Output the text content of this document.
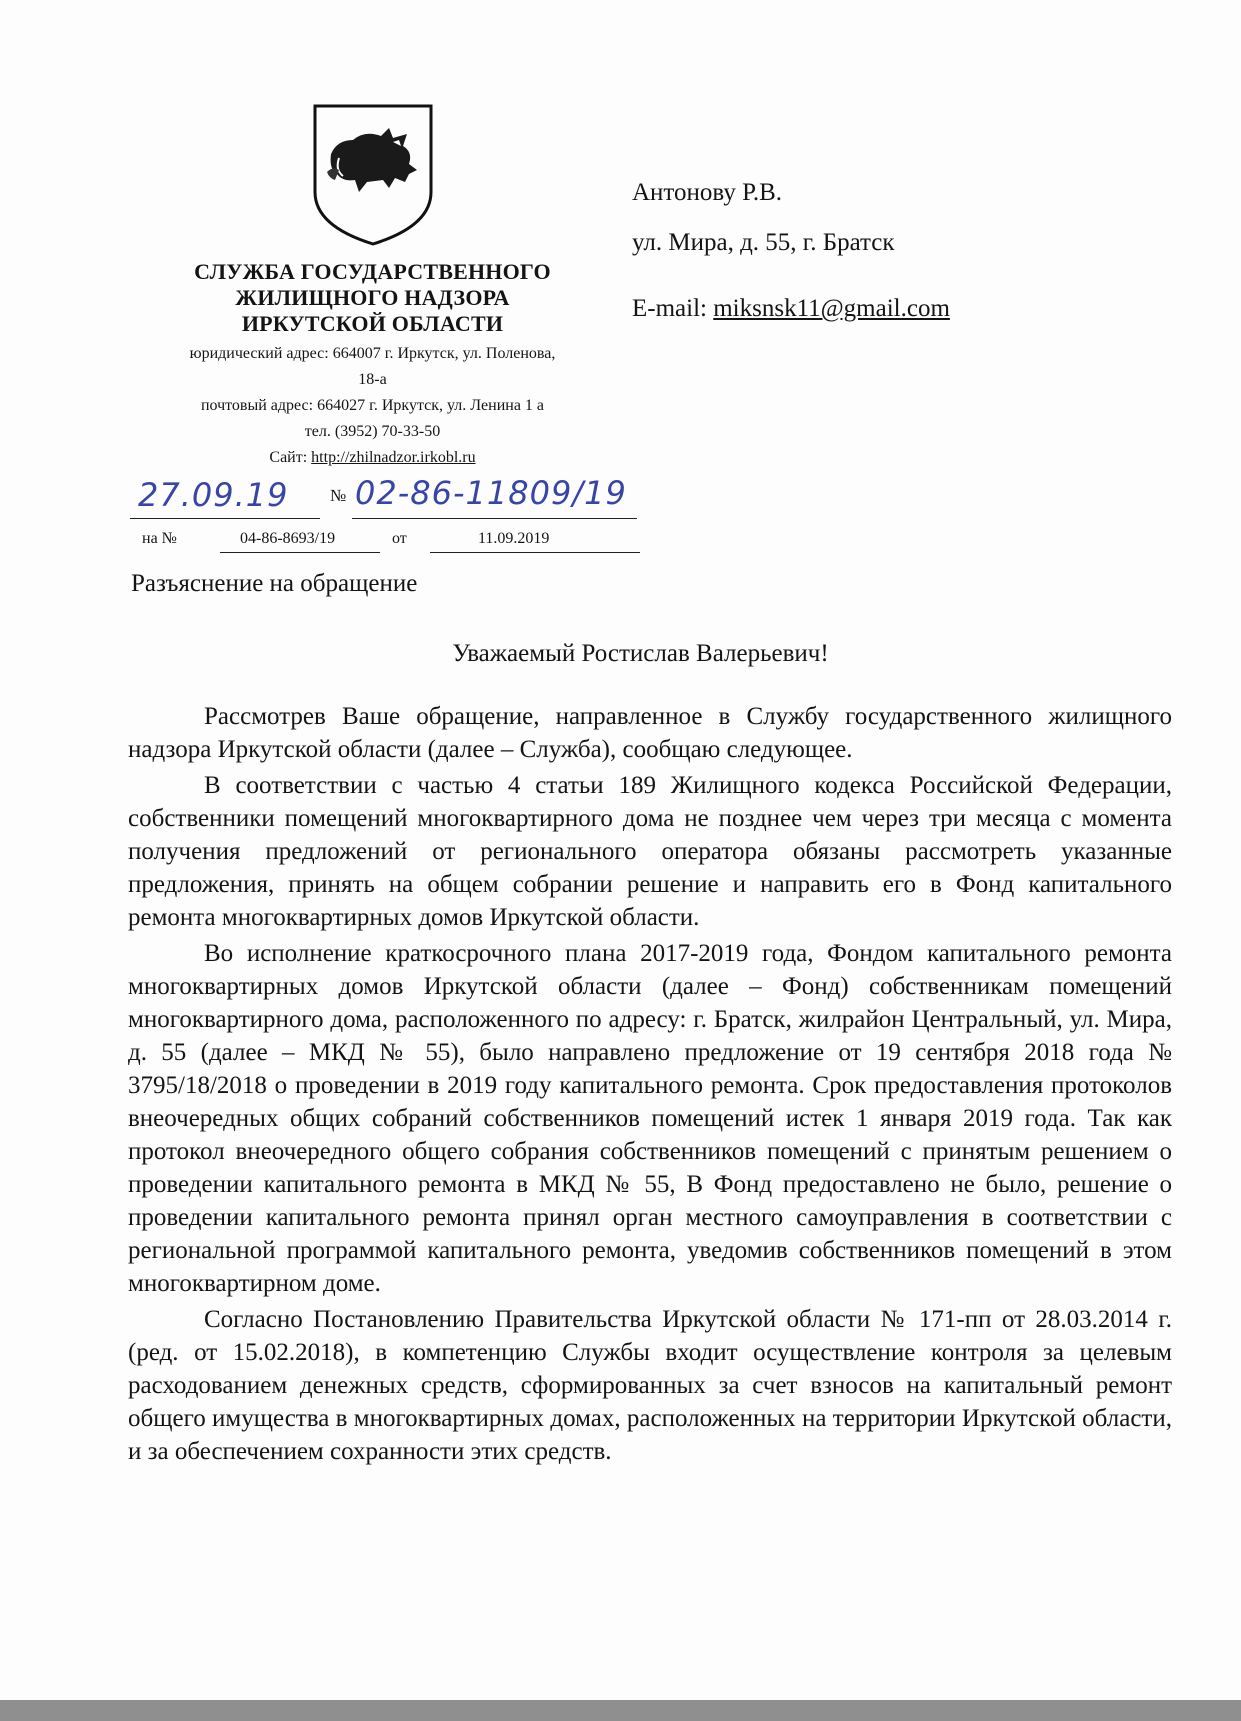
СЛУЖБА ГОСУДАРСТВЕННОГО
ЖИЛИЩНОГО НАДЗОРА
ИРКУТСКОЙ ОБЛАСТИ
юридический адрес: 664007 г. Иркутск, ул. Поленова,
18-а
почтовый адрес: 664027 г. Иркутск, ул. Ленина 1 а
тел. (3952) 70-33-50
Сайт: http://zhilnadzor.irkobl.ru
27.09.19 № 02-86-11809/19
на №	04-86-8693/19	от	11.09.2019
Антонову Р.В.
ул. Мира, д. 55, г. Братск
E-mail: miksnsk11@gmail.com
Разъяснение на обращение
Уважаемый Ростислав Валерьевич!

Рассмотрев Ваше обращение, направленное в Службу государственного жилищного надзора Иркутской области (далее – Служба), сообщаю следующее.

В соответствии с частью 4 статьи 189 Жилищного кодекса Российской Федерации, собственники помещений многоквартирного дома не позднее чем через три месяца с момента получения предложений от регионального оператора обязаны рассмотреть указанные предложения, принять на общем собрании решение и направить его в Фонд капитального ремонта многоквартирных домов Иркутской области.

Во исполнение краткосрочного плана 2017-2019 года, Фондом капитального ремонта многоквартирных домов Иркутской области (далее – Фонд) собственникам помещений многоквартирного дома, расположенного по адресу: г. Братск, жилрайон Центральный, ул. Мира, д. 55 (далее – МКД № 55), было направлено предложение от 19 сентября 2018 года № 3795/18/2018 о проведении в 2019 году капитального ремонта. Срок предоставления протоколов внеочередных общих собраний собственников помещений истек 1 января 2019 года. Так как протокол внеочередного общего собрания собственников помещений с принятым решением о проведении капитального ремонта в МКД № 55, В Фонд предоставлено не было, решение о проведении капитального ремонта принял орган местного самоуправления в соответствии с региональной программой капитального ремонта, уведомив собственников помещений в этом многоквартирном доме.

Согласно Постановлению Правительства Иркутской области № 171-пп от 28.03.2014 г. (ред. от 15.02.2018), в компетенцию Службы входит осуществление контроля за целевым расходованием денежных средств, сформированных за счет взносов на капитальный ремонт общего имущества в многоквартирных домах, расположенных на территории Иркутской области, и за обеспечением сохранности этих средств.
